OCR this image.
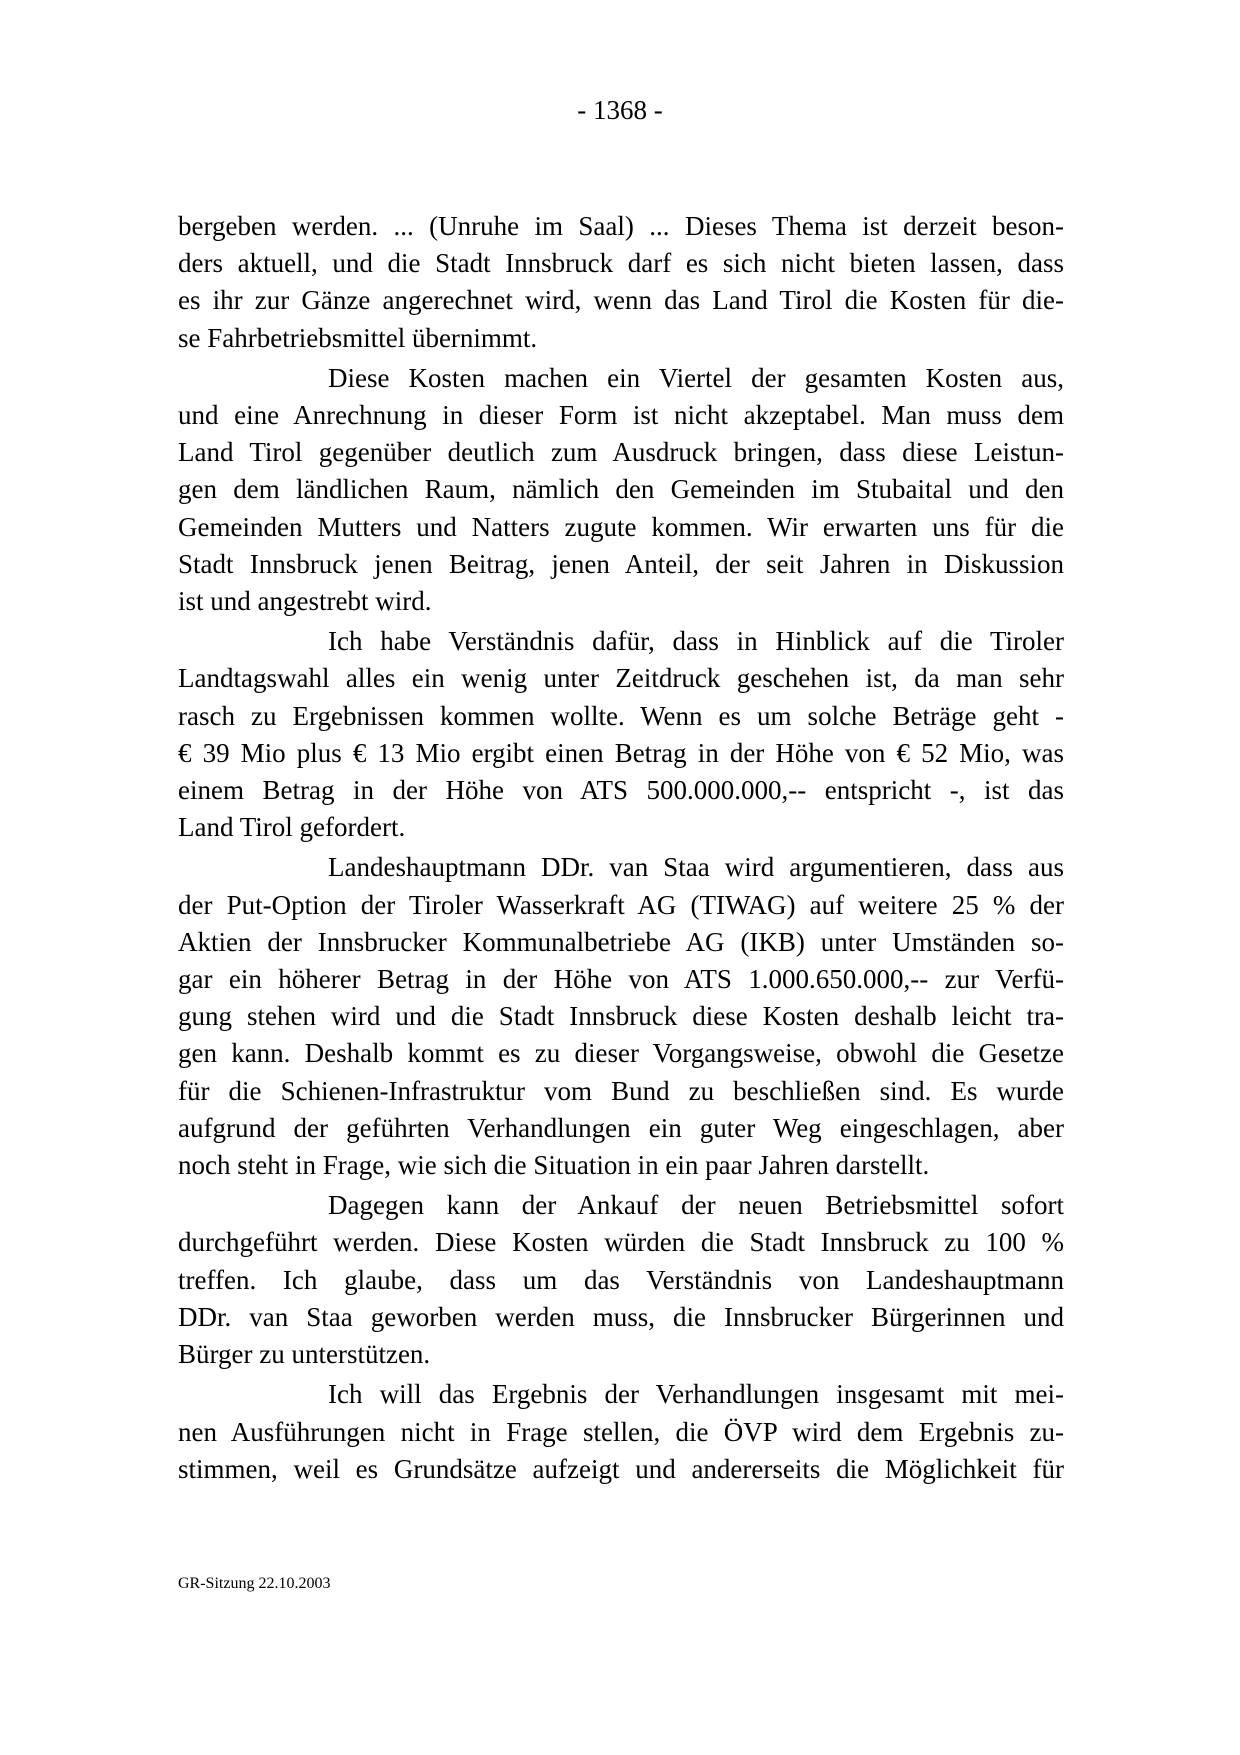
- 1368 -
bergeben werden. ... (Unruhe im Saal) ... Dieses Thema ist derzeit beson-
ders aktuell, und die Stadt Innsbruck darf es sich nicht bieten lassen, dass
es ihr zur Gänze angerechnet wird, wenn das Land Tirol die Kosten für die-
se Fahrbetriebsmittel übernimmt.
Diese Kosten machen ein Viertel der gesamten Kosten aus,
und eine Anrechnung in dieser Form ist nicht akzeptabel. Man muss dem
Land Tirol gegenüber deutlich zum Ausdruck bringen, dass diese Leistun-
gen dem ländlichen Raum, nämlich den Gemeinden im Stubaital und den
Gemeinden Mutters und Natters zugute kommen. Wir erwarten uns für die
Stadt Innsbruck jenen Beitrag, jenen Anteil, der seit Jahren in Diskussion
ist und angestrebt wird.
Ich habe Verständnis dafür, dass in Hinblick auf die Tiroler
Landtagswahl alles ein wenig unter Zeitdruck geschehen ist, da man sehr
rasch zu Ergebnissen kommen wollte. Wenn es um solche Beträge geht -
€ 39 Mio plus € 13 Mio ergibt einen Betrag in der Höhe von € 52 Mio, was
einem Betrag in der Höhe von ATS 500.000.000,-- entspricht -, ist das
Land Tirol gefordert.
Landeshauptmann DDr. van Staa wird argumentieren, dass aus
der Put-Option der Tiroler Wasserkraft AG (TIWAG) auf weitere 25 % der
Aktien der Innsbrucker Kommunalbetriebe AG (IKB) unter Umständen so-
gar ein höherer Betrag in der Höhe von ATS 1.000.650.000,-- zur Verfü-
gung stehen wird und die Stadt Innsbruck diese Kosten deshalb leicht tra-
gen kann. Deshalb kommt es zu dieser Vorgangsweise, obwohl die Gesetze
für die Schienen-Infrastruktur vom Bund zu beschließen sind. Es wurde
aufgrund der geführten Verhandlungen ein guter Weg eingeschlagen, aber
noch steht in Frage, wie sich die Situation in ein paar Jahren darstellt.
Dagegen kann der Ankauf der neuen Betriebsmittel sofort
durchgeführt werden. Diese Kosten würden die Stadt Innsbruck zu 100 %
treffen. Ich glaube, dass um das Verständnis von Landeshauptmann
DDr. van Staa geworben werden muss, die Innsbrucker Bürgerinnen und
Bürger zu unterstützen.
Ich will das Ergebnis der Verhandlungen insgesamt mit mei-
nen Ausführungen nicht in Frage stellen, die ÖVP wird dem Ergebnis zu-
stimmen, weil es Grundsätze aufzeigt und andererseits die Möglichkeit für
GR-Sitzung 22.10.2003
